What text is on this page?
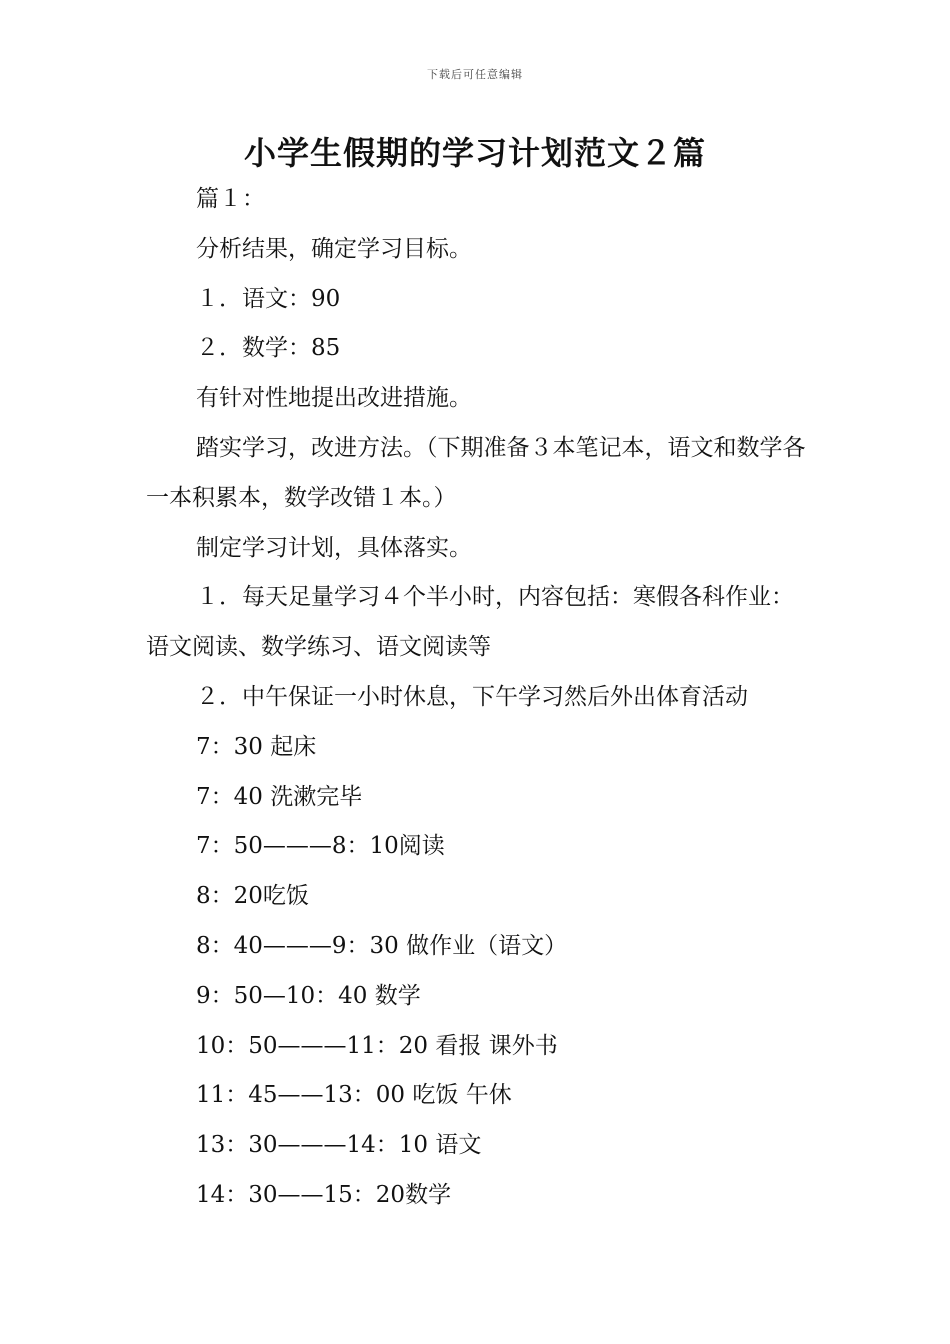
下载后可任意编辑
小学生假期的学习计划范文２篇

篇１：

分析结果，确定学习目标。

１．语文：90

２．数学：85

有针对性地提出改进措施。

踏实学习，改进方法。（下期准备３本笔记本，语文和数学各一本积累本，数学改错１本。）

制定学习计划，具体落实。

１．每天足量学习４个半小时，内容包括：寒假各科作业：语文阅读、数学练习、语文阅读等

２．中午保证一小时休息，下午学习然后外出体育活动

7：30 起床

7：40 洗漱完毕

7：50———8：10阅读

8：20吃饭

8：40———9：30 做作业（语文）

9：50—10：40 数学

10：50———11：20 看报 课外书

11：45——13：00 吃饭 午休

13：30———14：10 语文

14：30——15：20数学
